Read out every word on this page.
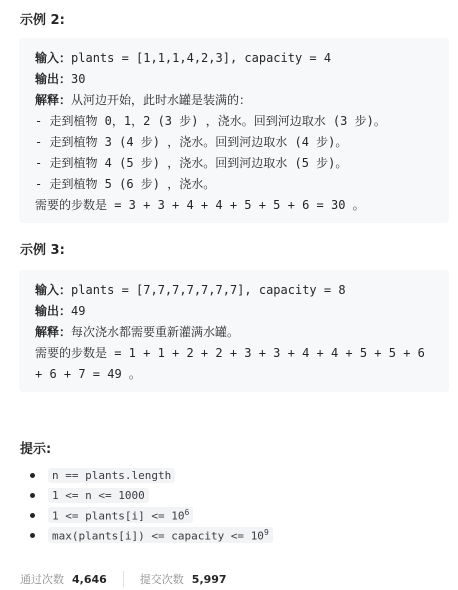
示例 2:
输入：plants = [1,1,1,4,2,3], capacity = 4
输出：30
解释：从河边开始，此时水罐是装满的：
- 走到植物 0，1，2 (3 步) ，浇水。回到河边取水 (3 步)。
- 走到植物 3 (4 步) ，浇水。回到河边取水 (4 步)。
- 走到植物 4 (5 步) ，浇水。回到河边取水 (5 步)。
- 走到植物 5 (6 步) ，浇水。
需要的步数是 = 3 + 3 + 4 + 4 + 5 + 5 + 6 = 30 。
示例 3:
输入：plants = [7,7,7,7,7,7,7], capacity = 8
输出：49
解释：每次浇水都需要重新灌满水罐。
需要的步数是 = 1 + 1 + 2 + 2 + 3 + 3 + 4 + 4 + 5 + 5 + 6
+ 6 + 7 = 49 。
提示:
n == plants.length
1 <= n <= 1000
1 <= plants[i] <= $10^6$
max(plants[i]) <= capacity <= $10^9$
通过次数 4,646	提交次数 5,997
